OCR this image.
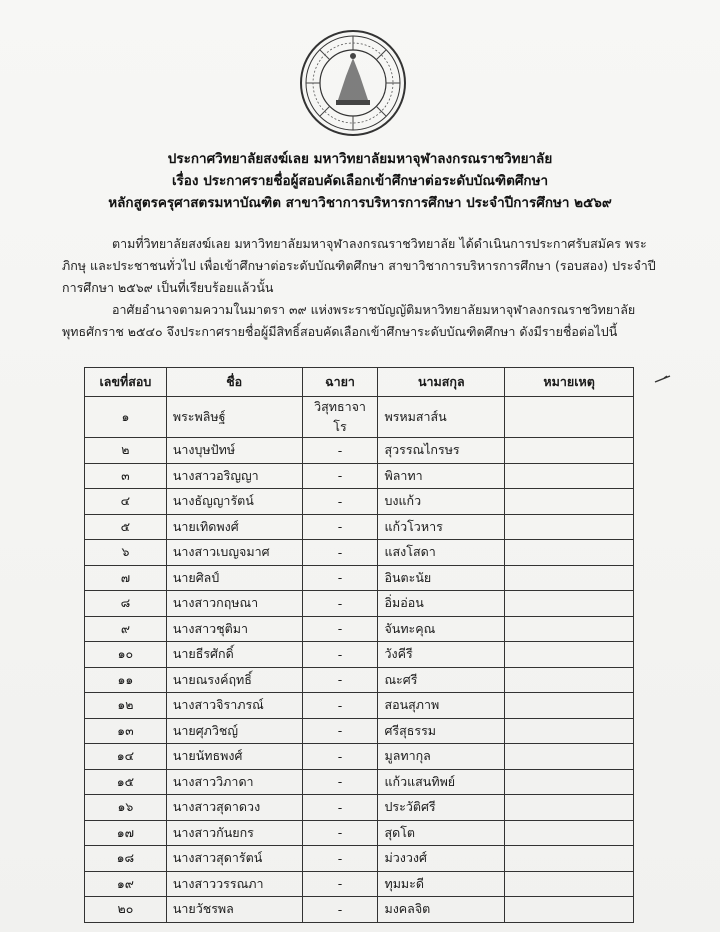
ประกาศวิทยาลัยสงฆ์เลย มหาวิทยาลัยมหาจุฬาลงกรณราชวิทยาลัย
เรื่อง ประกาศรายชื่อผู้สอบคัดเลือกเข้าศึกษาต่อระดับบัณฑิตศึกษา
หลักสูตรครุศาสตรมหาบัณฑิต สาขาวิชาการบริหารการศึกษา ประจำปีการศึกษา ๒๕๖๙

ตามที่วิทยาลัยสงฆ์เลย มหาวิทยาลัยมหาจุฬาลงกรณราชวิทยาลัย ได้ดำเนินการประกาศรับสมัคร พระภิกษุ และประชาชนทั่วไป เพื่อเข้าศึกษาต่อระดับบัณฑิตศึกษา สาขาวิชาการบริหารการศึกษา (รอบสอง) ประจำปีการศึกษา ๒๕๖๙ เป็นที่เรียบร้อยแล้วนั้น

อาศัยอำนาจตามความในมาตรา ๓๙ แห่งพระราชบัญญัติมหาวิทยาลัยมหาจุฬาลงกรณราชวิทยาลัย พุทธศักราช ๒๕๔๐ จึงประกาศรายชื่อผู้มีสิทธิ์สอบคัดเลือกเข้าศึกษาระดับบัณฑิตศึกษา ดังมีรายชื่อต่อไปนี้

เลขที่สอบ	ชื่อ	ฉายา	นามสกุล	หมายเหตุ
๑	พระพลิษฐ์	วิสุทธาจาโร	พรหมสาส์น	
๒	นางบุษปัทษ์	-	สุวรรณไกรษร	
๓	นางสาวอริญญา	-	พิลาทา	
๔	นางธัญญารัตน์	-	บงแก้ว	
๕	นายเทิดพงศ์	-	แก้วโวหาร	
๖	นางสาวเบญจมาศ	-	แสงโสดา	
๗	นายศิลป์	-	อินตะนัย	
๘	นางสาวกฤษณา	-	อิ่มอ่อน	
๙	นางสาวชุติมา	-	จันทะคุณ	
๑๐	นายธีรศักดิ์	-	วังคีรี	
๑๑	นายณรงค์ฤทธิ์	-	ณะศรี	
๑๒	นางสาวจิราภรณ์	-	สอนสุภาพ	
๑๓	นายศุภวิชญ์	-	ศรีสุธรรม	
๑๔	นายนัทธพงศ์	-	มูลทากุล	
๑๕	นางสาววิภาดา	-	แก้วแสนทิพย์	
๑๖	นางสาวสุดาดวง	-	ประวัติศรี	
๑๗	นางสาวกันยกร	-	สุดโต	
๑๘	นางสาวสุดารัตน์	-	ม่วงวงศ์	
๑๙	นางสาววรรณภา	-	ทุมมะดี	
๒๐	นายวัชรพล	-	มงคลจิต	
